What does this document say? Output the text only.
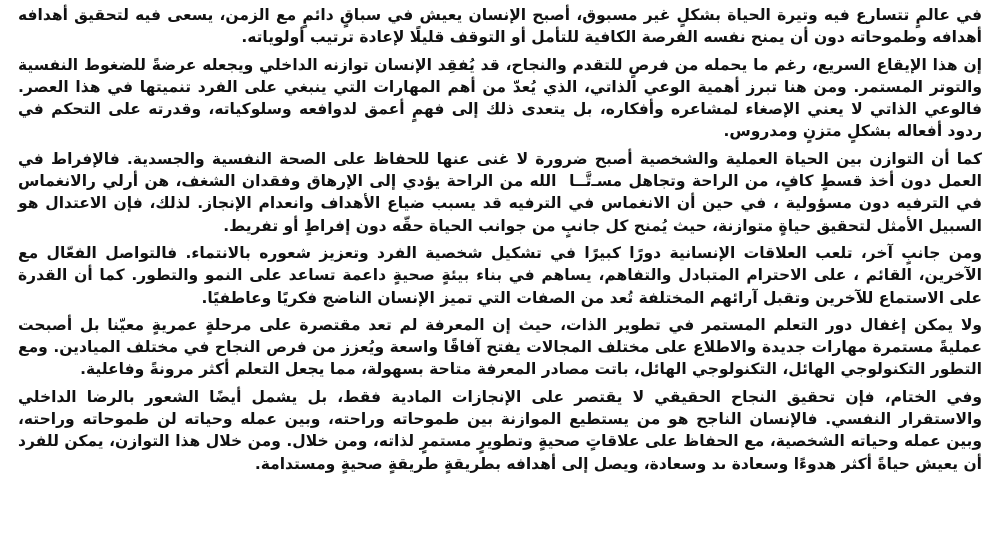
في عالمٍ تتسارع فيه وتيرة الحياة بشكلٍ غير مسبوق، أصبح الإنسان يعيش في سباقٍ دائمٍ مع الزمن، يسعى فيه لتحقيق أهدافه أهدافه وطموحاته دون أن يمنح نفسه الفرصة الكافية للتأمل أو التوقف قليلًا لإعادة ترتيب أولوياته.

إن هذا الإيقاع السريع، رغم ما يحمله من فرصٍ للتقدم والنجاح، قد يُفقِد الإنسان توازنه الداخلي ويجعله عرضةً للضغوط النفسية والتوتر المستمر. ومن هنا تبرز أهمية الوعي الذاتي، الذي يُعدّ من أهم المهارات التي ينبغي على الفرد تنميتها في هذا العصر. فالوعي الذاتي لا يعني الإصغاء لمشاعره وأفكاره، بل يتعدى ذلك إلى فهمٍ أعمق لدوافعه وسلوكياته، وقدرته على التحكم في ردود أفعاله بشكلٍ متزنٍ ومدروس.

كما أن التوازن بين الحياة العملية والشخصية أصبح ضرورة لا غنى عنها للحفاظ على الصحة النفسية والجسدية. فالإفراط في العمل دون أخذ قسطٍ كافٍ، من الراحة وتجاهل مسـ‌‌‌تَّــا ‌ الله من الراحة يؤدي إلى الإرهاق وفقدان الشغف، هن أرلي رالانغماس في الترفيه دون مسؤولية ، في حين أن الانغماس في الترفيه قد يسبب ضياع الأهداف وانعدام الإنجاز. لذلك، فإن الاعتدال هو السبيل الأمثل لتحقيق حياةٍ متوازنة، حيث يُمنح كل جانبٍ من جوانب الحياة حقّه دون إفراطٍ أو تفريط.

ومن جانبٍ آخر، تلعب العلاقات الإنسانية دورًا كبيرًا في تشكيل شخصية الفرد وتعزيز شعوره بالانتماء. فالتواصل الفعّال مع الآخرين، القائم ، على الاحترام المتبادل والتفاهم، يساهم في بناء بيئةٍ صحيةٍ داعمة تساعد على النمو والتطور. كما أن القدرة على الاستماع للآخرين وتقبل آرائهم المختلفة تُعد من الصفات التي تميز الإنسان الناضج فكريًا وعاطفيًا.

ولا يمكن إغفال دور التعلم المستمر في تطوير الذات، حيث إن المعرفة لم تعد مقتصرة على مرحلةٍ عمريةٍ معيّنا بل أصبحت عمليةً مستمرة مهارات جديدة والاطلاع على مختلف المجالات يفتح آفاقًا واسعة ويُعزز من فرص النجاح في مختلف الميادين. ومع التطور التكنولوجي الهائل، التكنولوجي الهائل، باتت مصادر المعرفة متاحة بسهولة، مما يجعل التعلم أكثر مرونةً وفاعلية.

وفي الختام، فإن تحقيق النجاح الحقيقي لا يقتصر على الإنجازات المادية فقط، بل يشمل أيضًا الشعور بالرضا الداخلي والاستقرار النفسي. فالإنسان الناجح هو من يستطيع الموازنة بين طموحاته وراحته، وبين عمله وحياته لن طموحاته وراحته، وبين عمله وحياته الشخصية، مع الحفاظ على علاقاتٍ صحيةٍ وتطويرٍ مستمرٍ لذاته، ومن خلال. ومن خلال هذا التوازن، يمكن للفرد أن يعيش حياةً أكثر هدوءًا وسعادة ىد وسعادة، ويصل إلى أهدافه بطريقةٍ طريقةٍ صحيةٍ ومستدامة.
